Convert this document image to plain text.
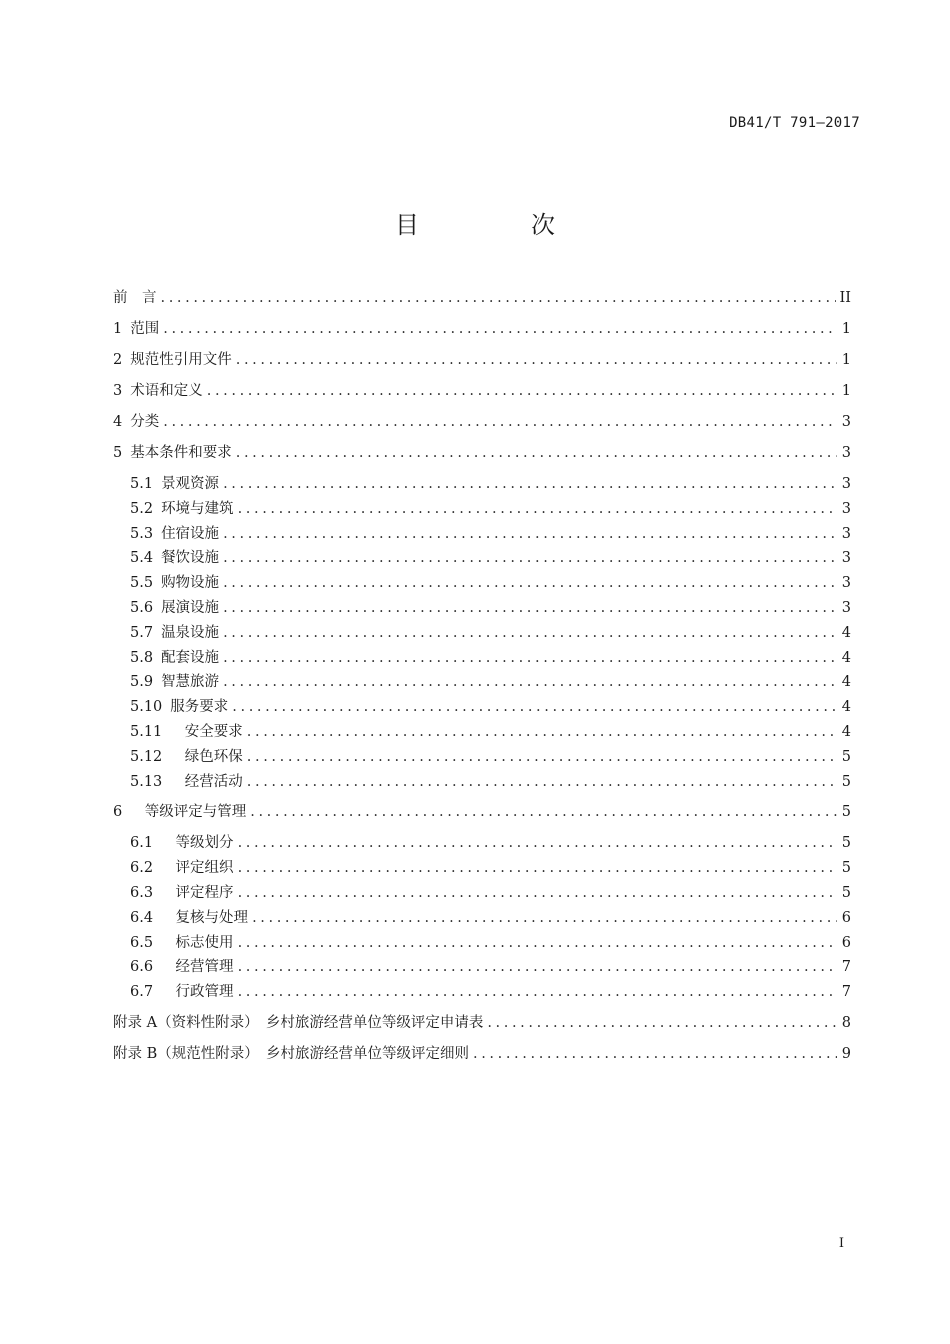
DB41/T 791—2017
目　次
前　言 .....	II
1 范围 .....	1
2 规范性引用文件 .....	1
3 术语和定义 .....	1
4 分类 .....	3
5 基本条件和要求 .....	3
5.1 景观资源 .....	3
5.2 环境与建筑 .....	3
5.3 住宿设施 .....	3
5.4 餐饮设施 .....	3
5.5 购物设施 .....	3
5.6 展演设施 .....	3
5.7 温泉设施 .....	4
5.8 配套设施 .....	4
5.9 智慧旅游 .....	4
5.10 服务要求 .....	4
5.11 　安全要求 .....	4
5.12 　绿色环保 .....	5
5.13 　经营活动 .....	5
6 　等级评定与管理 .....	5
6.1 　等级划分 .....	5
6.2 　评定组织 .....	5
6.3 　评定程序 .....	5
6.4 　复核与处理 .....	6
6.5 　标志使用 .....	6
6.6 　经营管理 .....	7
6.7 　行政管理 .....	7
附录 A（资料性附录）　乡村旅游经营单位等级评定申请表 .....	8
附录 B（规范性附录）　乡村旅游经营单位等级评定细则 .....	9
I
